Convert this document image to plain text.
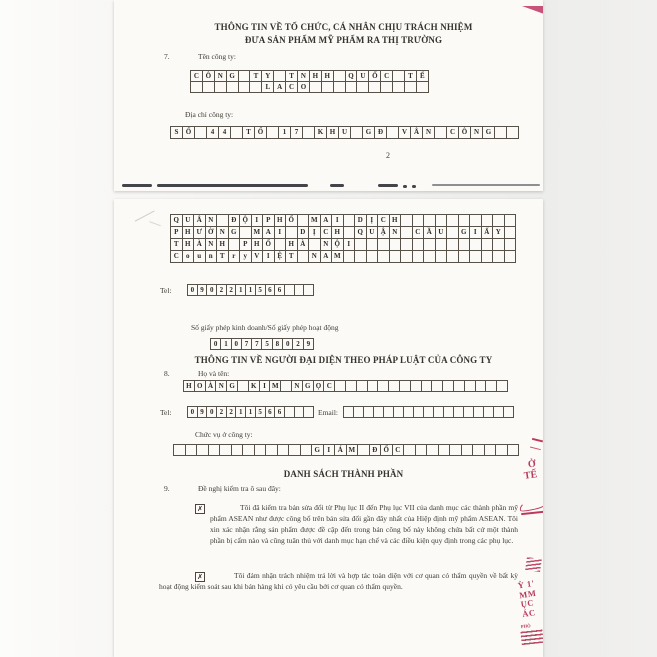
THÔNG TIN VỀ TỔ CHỨC, CÁ NHÂN CHỊU TRÁCH NHIỆM
ĐƯA SẢN PHẨM MỸ PHẨM RA THỊ TRƯỜNG
7.	Tên công ty:
C Ô N G	T	Y	T	N H H	Q U Ố C	T	Ế
L	A C O
Địa chỉ công ty:
S	Ố	4	4	T Ổ	1	7	K H U	G Đ	V Â N	C Ô N G
2
Q U Â N	Đ Ộ	I	P H Ố	M A	I	D	Ị	C H
P H Ư Ờ N G	M A	I	D	Ị	C H	Q U Ậ N	C Ầ U	G	I	Ấ Y
T H À N H	P H Ố	H À	N Ộ	I
C	o	u	n	T	r	y	V	I	Ệ T	N A M
Tel:	0 9 0 2 2 1 1 5 6 6
Số giấy phép kinh doanh/Số giấy phép hoạt động
0 1 0 7 7 5 8 0 2 9
THÔNG TIN VỀ NGƯỜI ĐẠI DIỆN THEO PHÁP LUẬT CỦA CÔNG TY
8.	Họ và tên:
H O À N G	K I M	N G Ọ C
Tel:	0 9 0 2 2 1 1 5 6 6	Email:
Chức vụ ở công ty:
G	I	Á M	Đ Ố C
DANH SÁCH THÀNH PHẦN
9.	Đề nghị kiểm tra ô sau đây:
✗	Tôi đã kiểm tra bản sửa đổi từ Phụ lục II đến Phụ lục VII của danh mục các thành phần mỹ phẩm ASEAN như được công bố trên bản sửa đổi gần đây nhất của Hiệp định mỹ phẩm ASEAN. Tôi xin xác nhận rằng sản phẩm được đề cập đến trong bản công bố này không chứa bất cứ một thành phần bị cấm nào và cũng tuân thủ với danh mục hạn chế và các điều kiện quy định trong các phụ lục.
✗	Tôi đảm nhận trách nhiệm trả lời và hợp tác toàn diện với cơ quan có thẩm quyền về bất kỳ hoạt động kiểm soát sau khi bán hàng khi có yêu cầu bởi cơ quan có thẩm quyền.
Ở
TẾ
Ỳ 1'
MM
ỤC
ÁC
PHÒ
